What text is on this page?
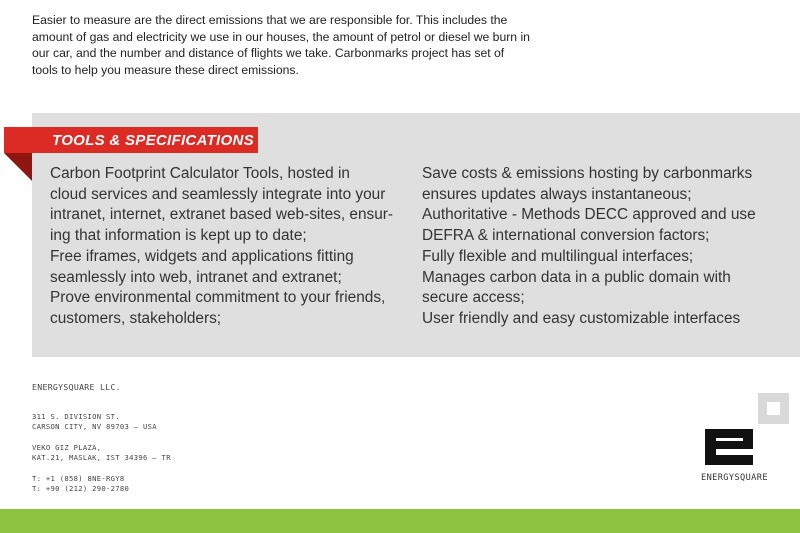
Easier to measure are the direct emissions that we are responsible for. This includes the
amount of gas and electricity we use in our houses, the amount of petrol or diesel we burn in
our car, and the number and distance of flights we take. Carbonmarks project has set of
tools to help you measure these direct emissions.
TOOLS & SPECIFICATIONS
Carbon Footprint Calculator Tools, hosted in
cloud services and seamlessly integrate into your
intranet, internet, extranet based web-sites, ensur-
ing that information is kept up to date;
Free iframes, widgets and applications fitting
seamlessly into web, intranet and extranet;
Prove environmental commitment to your friends,
customers, stakeholders;
Save costs & emissions hosting by carbonmarks
ensures updates always instantaneous;
Authoritative - Methods DECC approved and use
DEFRA & international conversion factors;
Fully flexible and multilingual interfaces;
Manages carbon data in a public domain with
secure access;
User friendly and easy customizable interfaces
ENERGYSQUARE LLC.
311 S. DIVISION ST.
CARSON CITY, NV 89703 – USA
VEKO GIZ PLAZA,
KAT.21, MASLAK, IST 34396 – TR
T: +1 (858) 8NE-RGY8
T: +90 (212) 290-2780
ENERGYSQUARE
